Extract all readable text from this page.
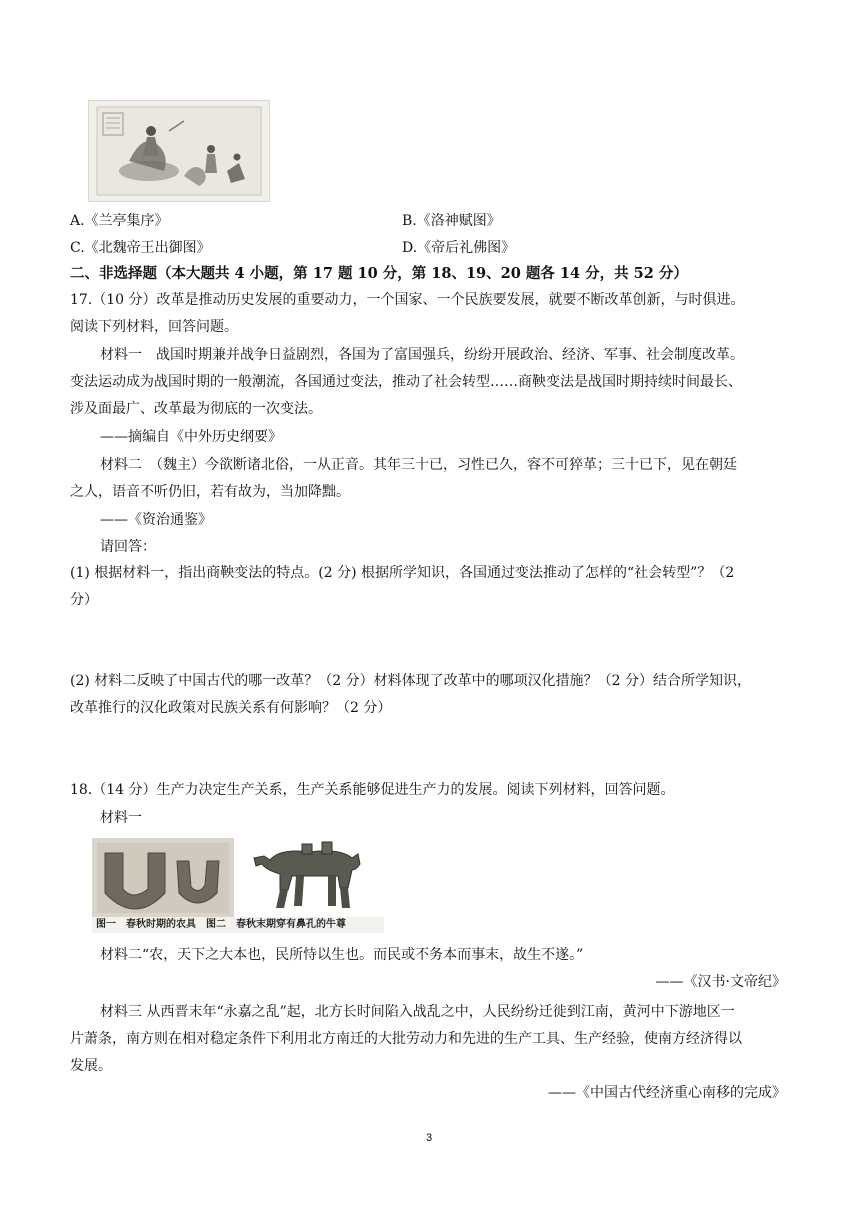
A.《兰亭集序》	B.《洛神赋图》
C.《北魏帝王出御图》	D.《帝后礼佛图》
二、非选择题（本大题共 4 小题，第 17 题 10 分，第 18、19、20 题各 14 分，共 52 分）
17.（10 分）改革是推动历史发展的重要动力，一个国家、一个民族要发展，就要不断改革创新，与时俱进。
阅读下列材料，回答问题。
材料一　战国时期兼并战争日益剧烈，各国为了富国强兵，纷纷开展政治、经济、军事、社会制度改革。
变法运动成为战国时期的一般潮流，各国通过变法，推动了社会转型……商鞅变法是战国时期持续时间最长、
涉及面最广、改革最为彻底的一次变法。
——摘编自《中外历史纲要》
材料二　（魏主）今欲断诸北俗，一从正音。其年三十已，习性已久，容不可猝革；三十已下，见在朝廷
之人，语音不听仍旧，若有故为，当加降黜。
——《资治通鉴》
请回答：
(1) 根据材料一，指出商鞅变法的特点。(2 分) 根据所学知识，各国通过变法推动了怎样的“社会转型”？（2
分）
(2) 材料二反映了中国古代的哪一改革？（2 分）材料体现了改革中的哪项汉化措施？（2 分）结合所学知识，
改革推行的汉化政策对民族关系有何影响？（2 分）
18.（14 分）生产力决定生产关系，生产关系能够促进生产力的发展。阅读下列材料，回答问题。
材料一
图一　春秋时期的农具　图二　春秋末期穿有鼻孔的牛尊
材料二“农，天下之大本也，民所恃以生也。而民或不务本而事末，故生不遂。”
——《汉书·文帝纪》
材料三 从西晋末年“永嘉之乱”起，北方长时间陷入战乱之中，人民纷纷迁徙到江南，黄河中下游地区一
片萧条，南方则在相对稳定条件下利用北方南迁的大批劳动力和先进的生产工具、生产经验，使南方经济得以
发展。
——《中国古代经济重心南移的完成》
3
